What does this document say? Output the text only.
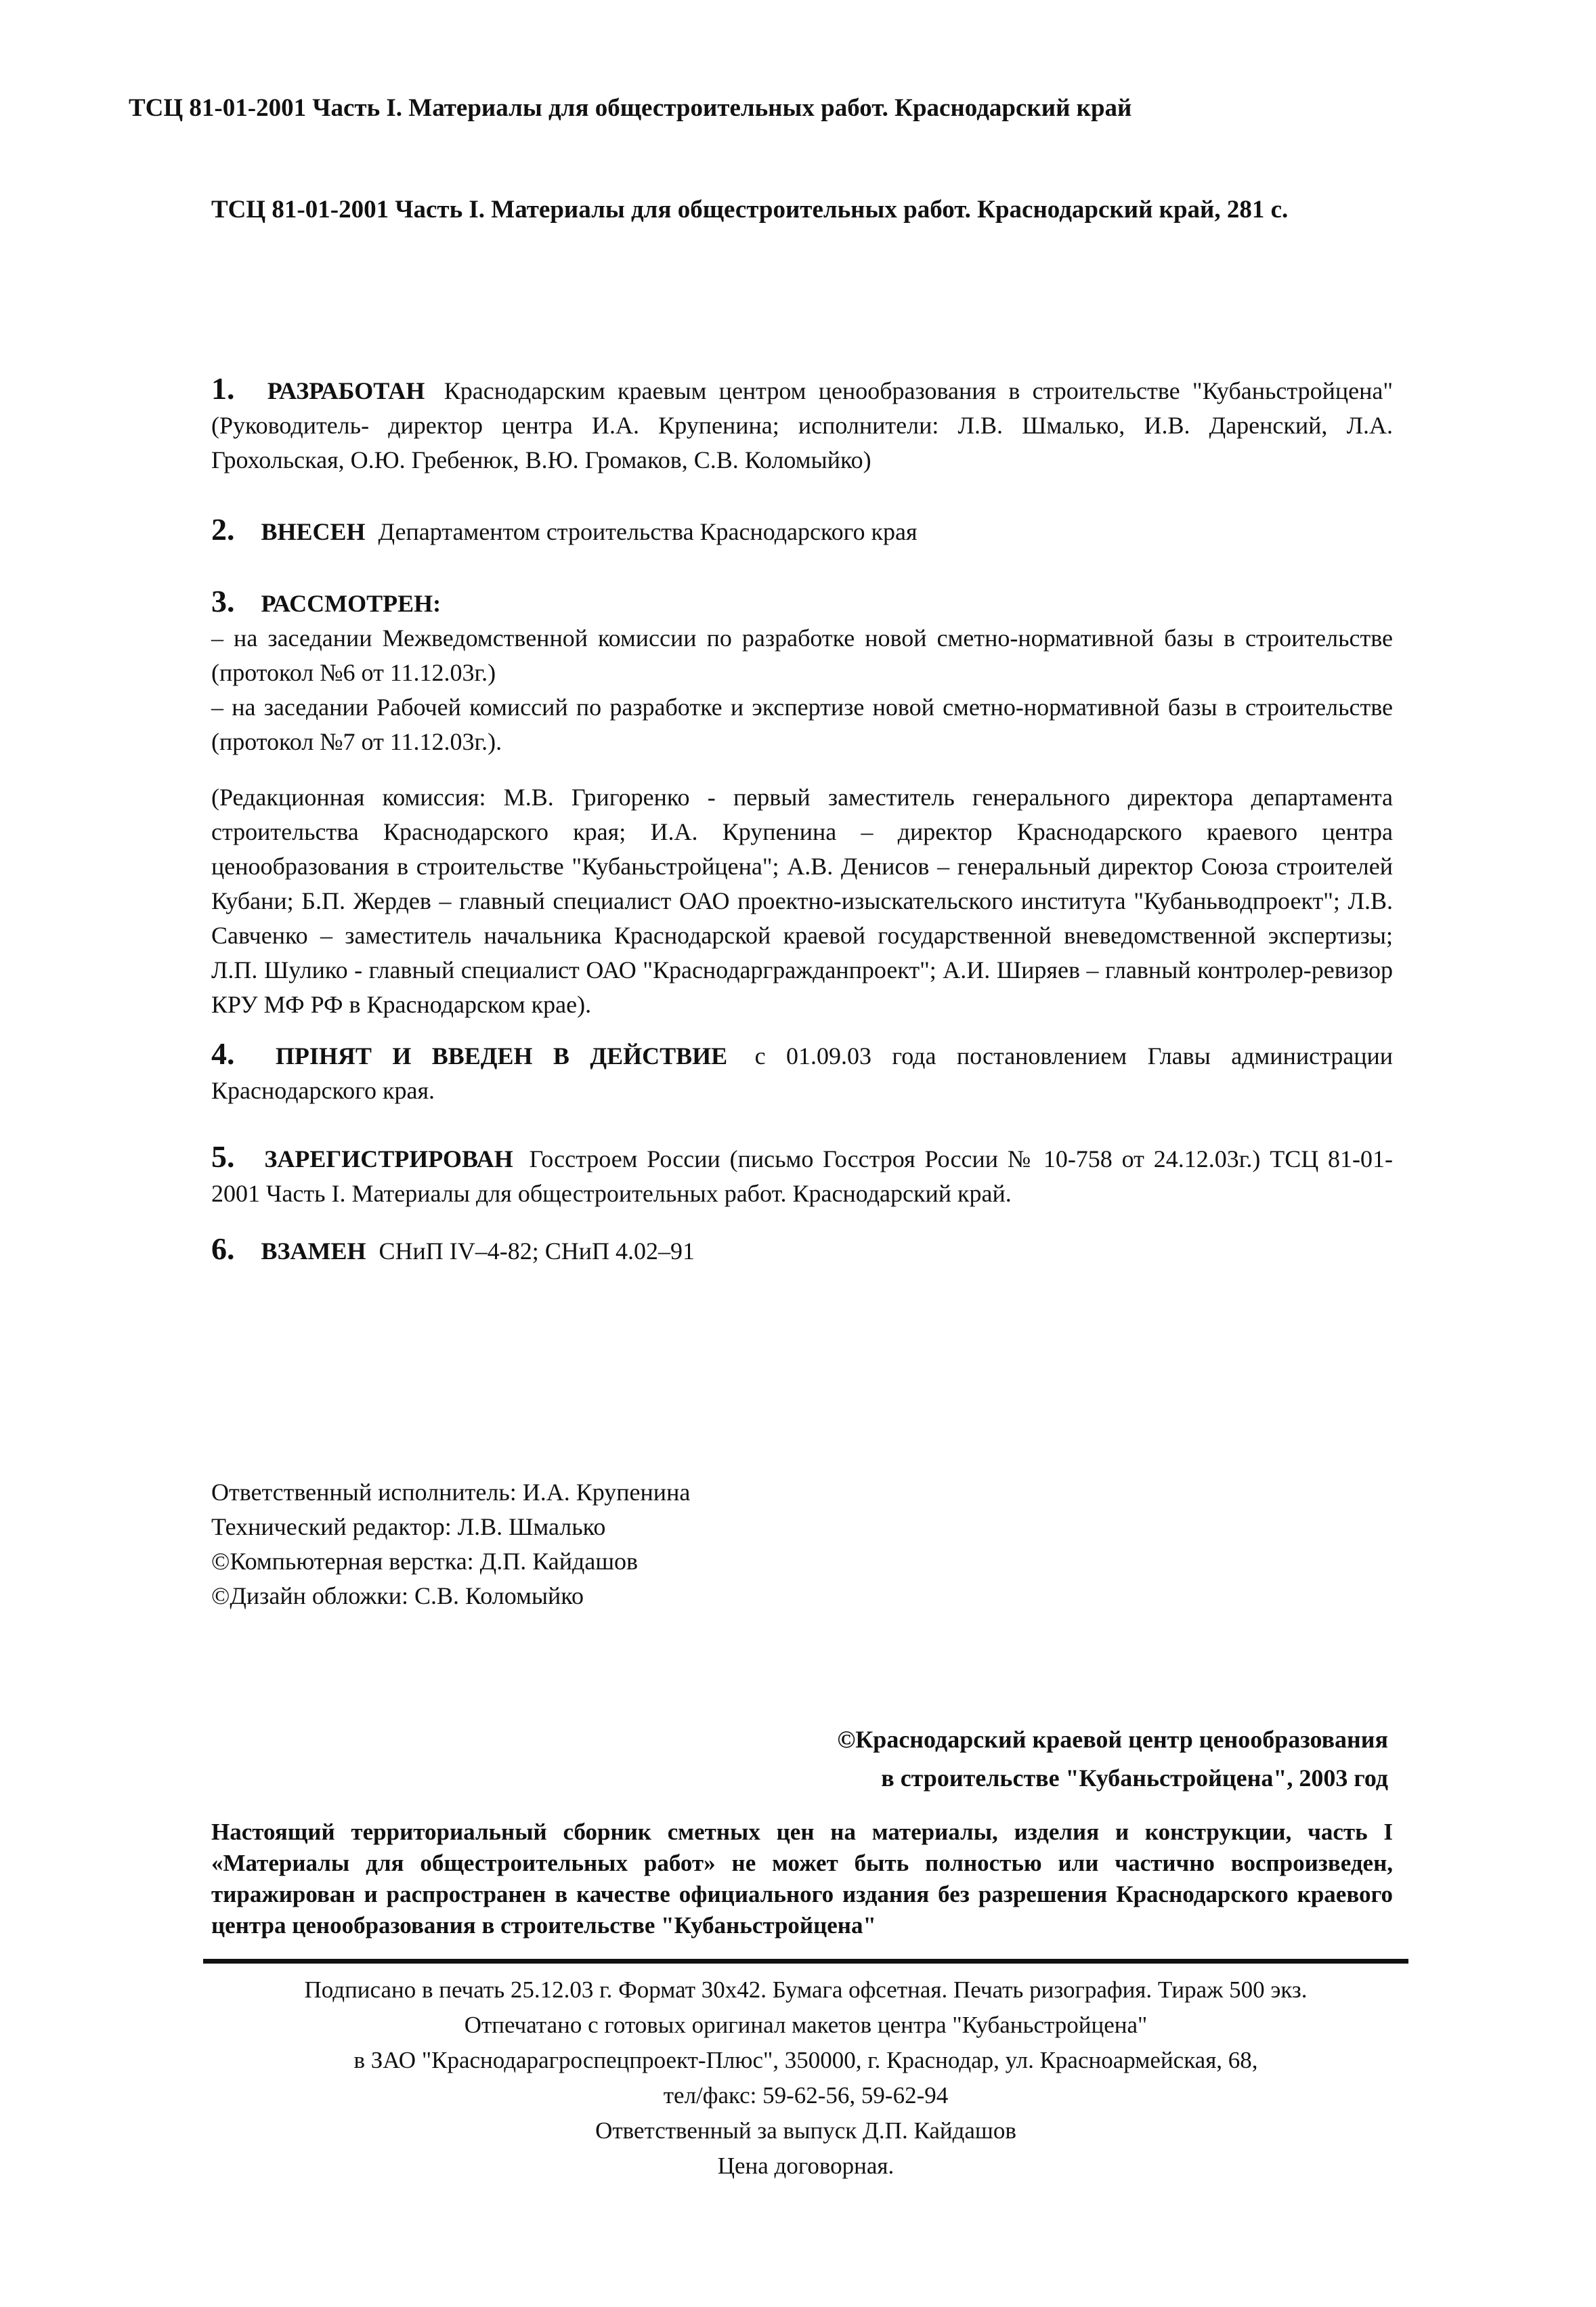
ТСЦ 81-01-2001 Часть I. Материалы для общестроительных работ. Краснодарский край
ТСЦ 81-01-2001 Часть I. Материалы для общестроительных работ. Краснодарский край, 281 с.

1. РАЗРАБОТАН Краснодарским краевым центром ценообразования в строительстве "Кубаньстройцена" (Руководитель- директор центра И.А. Крупенина; исполнители: Л.В. Шмалько, И.В. Даренский, Л.А. Грохольская, О.Ю. Гребенюк, В.Ю. Громаков, С.В. Коломыйко)

2. ВНЕСЕН Департаментом строительства Краснодарского края

3. РАССМОТРЕН:

– на заседании Межведомственной комиссии по разработке новой сметно-нормативной базы в строительстве (протокол №6 от 11.12.03г.)

– на заседании Рабочей комиссий по разработке и экспертизе новой сметно-нормативной базы в строительстве (протокол №7 от 11.12.03г.).

(Редакционная комиссия: М.В. Григоренко - первый заместитель генерального директора департамента строительства Краснодарского края; И.А. Крупенина – директор Краснодарского краевого центра ценообразования в строительстве "Кубаньстройцена"; А.В. Денисов – генеральный директор Союза строителей Кубани; Б.П. Жердев – главный специалист ОАО проектно-изыскательского института "Кубаньводпроект"; Л.В. Савченко – заместитель начальника Краснодарской краевой государственной вневедомственной экспертизы; Л.П. Шулико - главный специалист ОАО "Краснодаргражданпроект"; А.И. Ширяев – главный контролер-ревизор КРУ МФ РФ в Краснодарском крае).

4. ПРІНЯТ И ВВЕДЕН В ДЕЙСТВИЕ с 01.09.03 года постановлением Главы администрации Краснодарского края.

5. ЗАРЕГИСТРИРОВАН Госстроем России (письмо Госстроя России № 10-758 от 24.12.03г.) ТСЦ 81-01-2001 Часть I. Материалы для общестроительных работ. Краснодарский край.

6. ВЗАМЕН СНиП IV–4-82; СНиП 4.02–91

Ответственный исполнитель: И.А. Крупенина
Технический редактор: Л.В. Шмалько
©Компьютерная верстка: Д.П. Кайдашов
©Дизайн обложки: С.В. Коломыйко
©Краснодарский краевой центр ценообразования
в строительстве "Кубаньстройцена", 2003 год
Настоящий территориальный сборник сметных цен на материалы, изделия и конструкции, часть I «Материалы для общестроительных работ» не может быть полностью или частично воспроизведен, тиражирован и распространен в качестве официального издания без разрешения Краснодарского краевого центра ценообразования в строительстве "Кубаньстройцена"
Подписано в печать 25.12.03 г. Формат 30х42. Бумага офсетная. Печать ризография. Тираж 500 экз.
Отпечатано с готовых оригинал макетов центра "Кубаньстройцена"
в ЗАО "Краснодарагроспецпроект-Плюс", 350000, г. Краснодар, ул. Красноармейская, 68,
тел/факс: 59-62-56, 59-62-94
Ответственный за выпуск Д.П. Кайдашов
Цена договорная.
